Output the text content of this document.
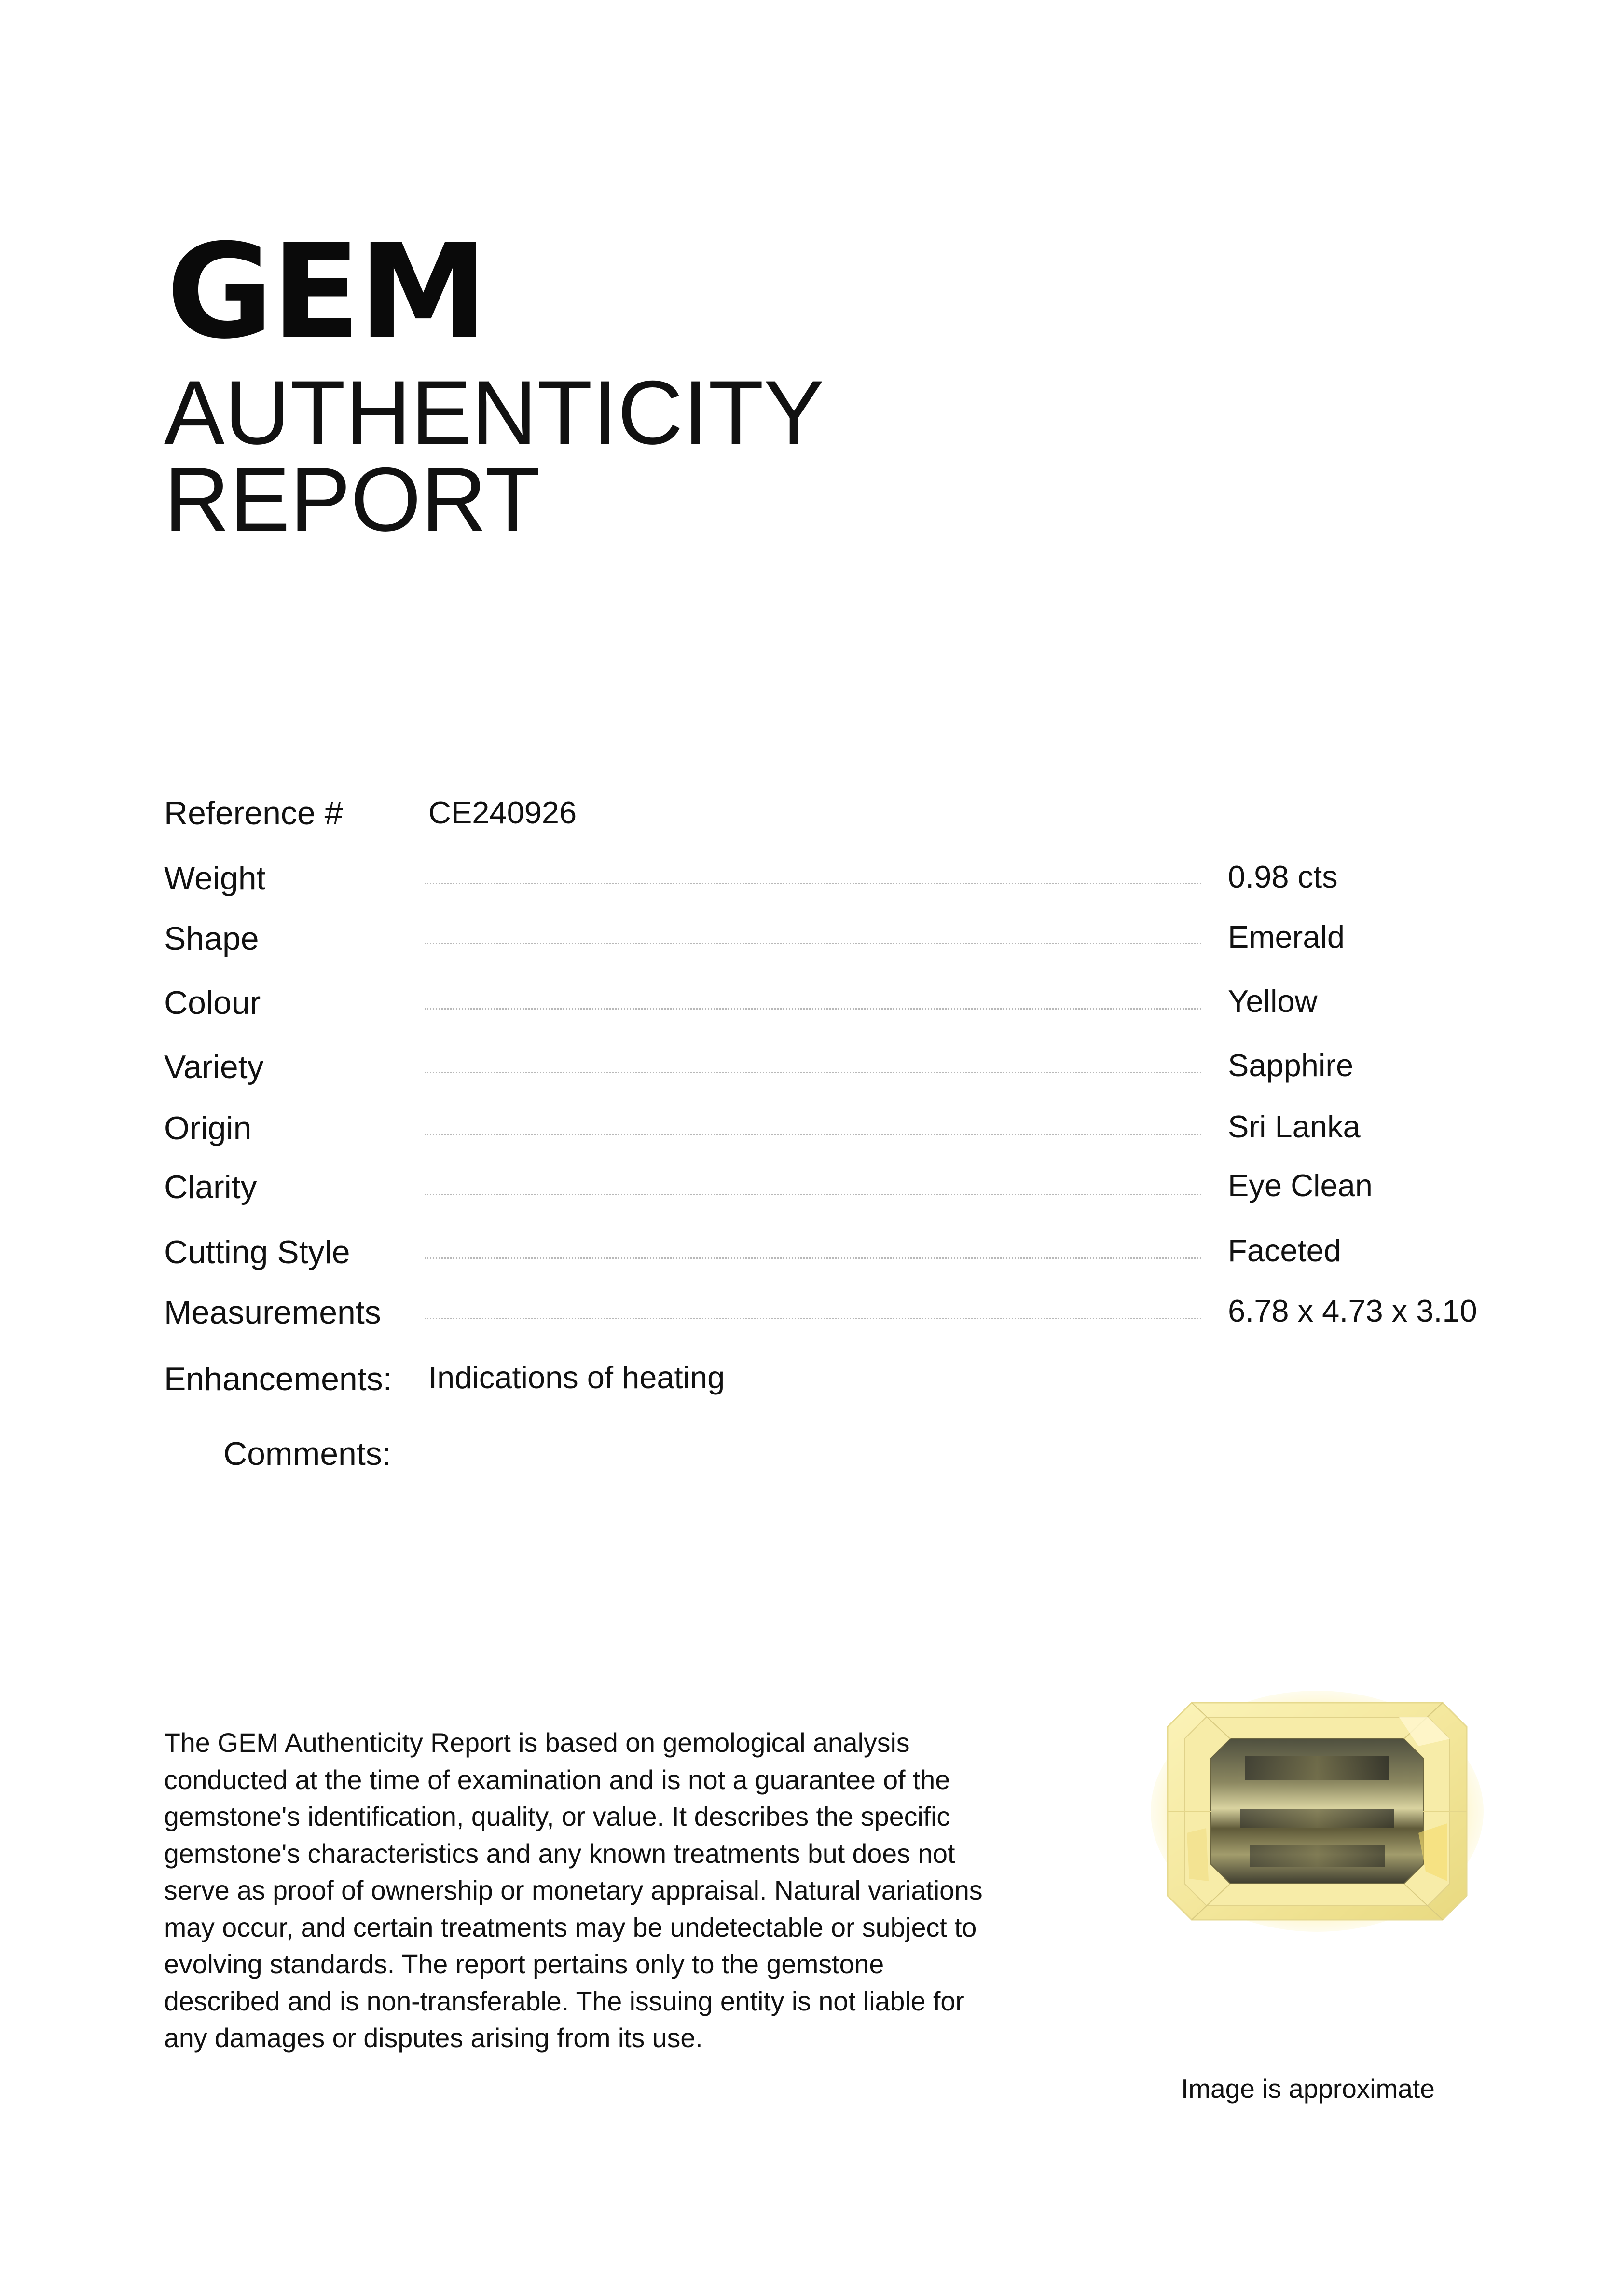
GEM
AUTHENTICITY
REPORT
Reference #	CE240926
Weight	0.98 cts
Shape	Emerald
Colour	Yellow
Variety	Sapphire
Origin	Sri Lanka
Clarity	Eye Clean
Cutting Style	Faceted
Measurements	6.78 x 4.73 x 3.10
Enhancements: Indications of heating
Comments:

The GEM Authenticity Report is based on gemological analysis conducted at the time of examination and is not a guarantee of the gemstone's identification, quality, or value. It describes the specific gemstone's characteristics and any known treatments but does not serve as proof of ownership or monetary appraisal. Natural variations may occur, and certain treatments may be undetectable or subject to evolving standards. The report pertains only to the gemstone described and is non-transferable. The issuing entity is not liable for any damages or disputes arising from its use.

Image is approximate
